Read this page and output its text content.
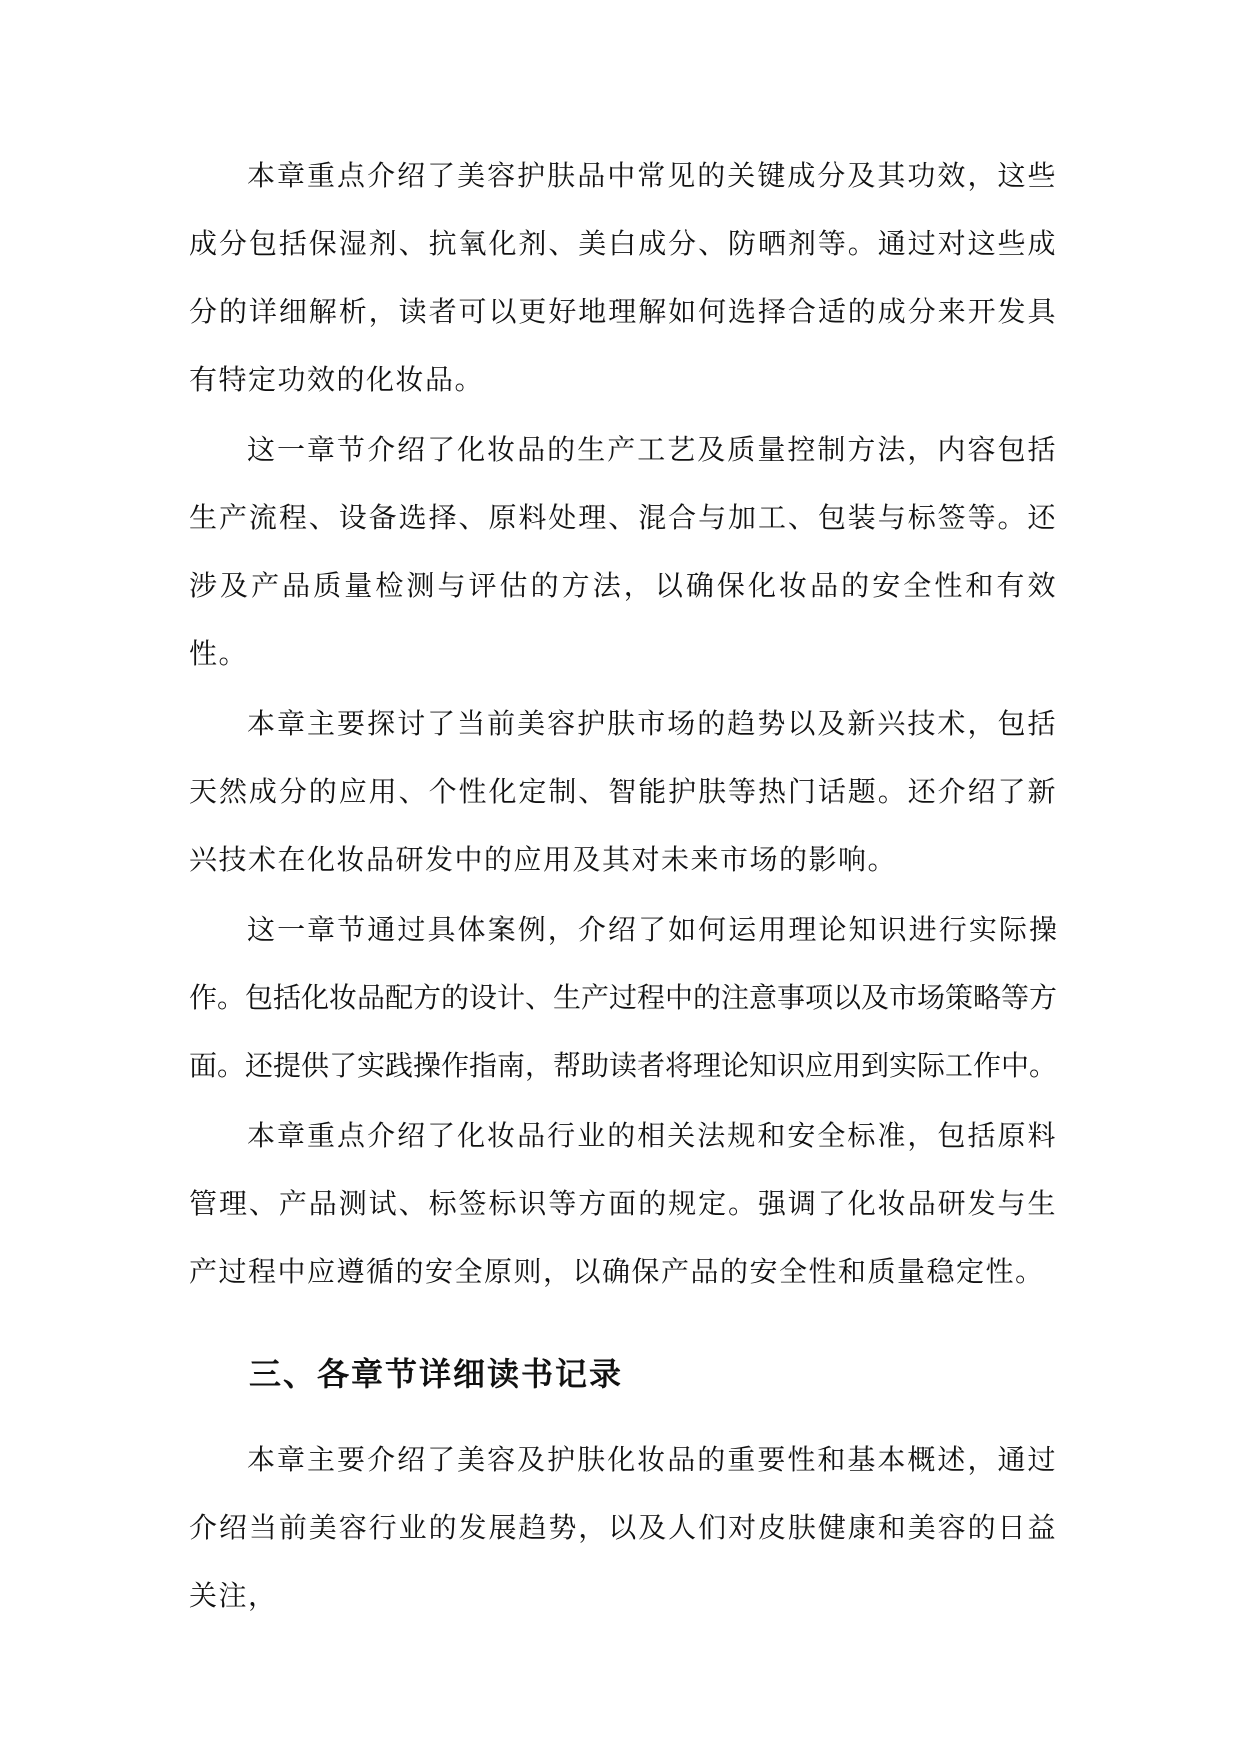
本章重点介绍了美容护肤品中常见的关键成分及其功效，这些成分包括保湿剂、抗氧化剂、美白成分、防晒剂等。通过对这些成分的详细解析，读者可以更好地理解如何选择合适的成分来开发具有特定功效的化妆品。

这一章节介绍了化妆品的生产工艺及质量控制方法，内容包括生产流程、设备选择、原料处理、混合与加工、包装与标签等。还涉及产品质量检测与评估的方法，以确保化妆品的安全性和有效性。

本章主要探讨了当前美容护肤市场的趋势以及新兴技术，包括天然成分的应用、个性化定制、智能护肤等热门话题。还介绍了新兴技术在化妆品研发中的应用及其对未来市场的影响。

这一章节通过具体案例，介绍了如何运用理论知识进行实际操作。包括化妆品配方的设计、生产过程中的注意事项以及市场策略等方面。还提供了实践操作指南，帮助读者将理论知识应用到实际工作中。

本章重点介绍了化妆品行业的相关法规和安全标准，包括原料管理、产品测试、标签标识等方面的规定。强调了化妆品研发与生产过程中应遵循的安全原则，以确保产品的安全性和质量稳定性。

三、各章节详细读书记录

本章主要介绍了美容及护肤化妆品的重要性和基本概述，通过介绍当前美容行业的发展趋势，以及人们对皮肤健康和美容的日益关注，
